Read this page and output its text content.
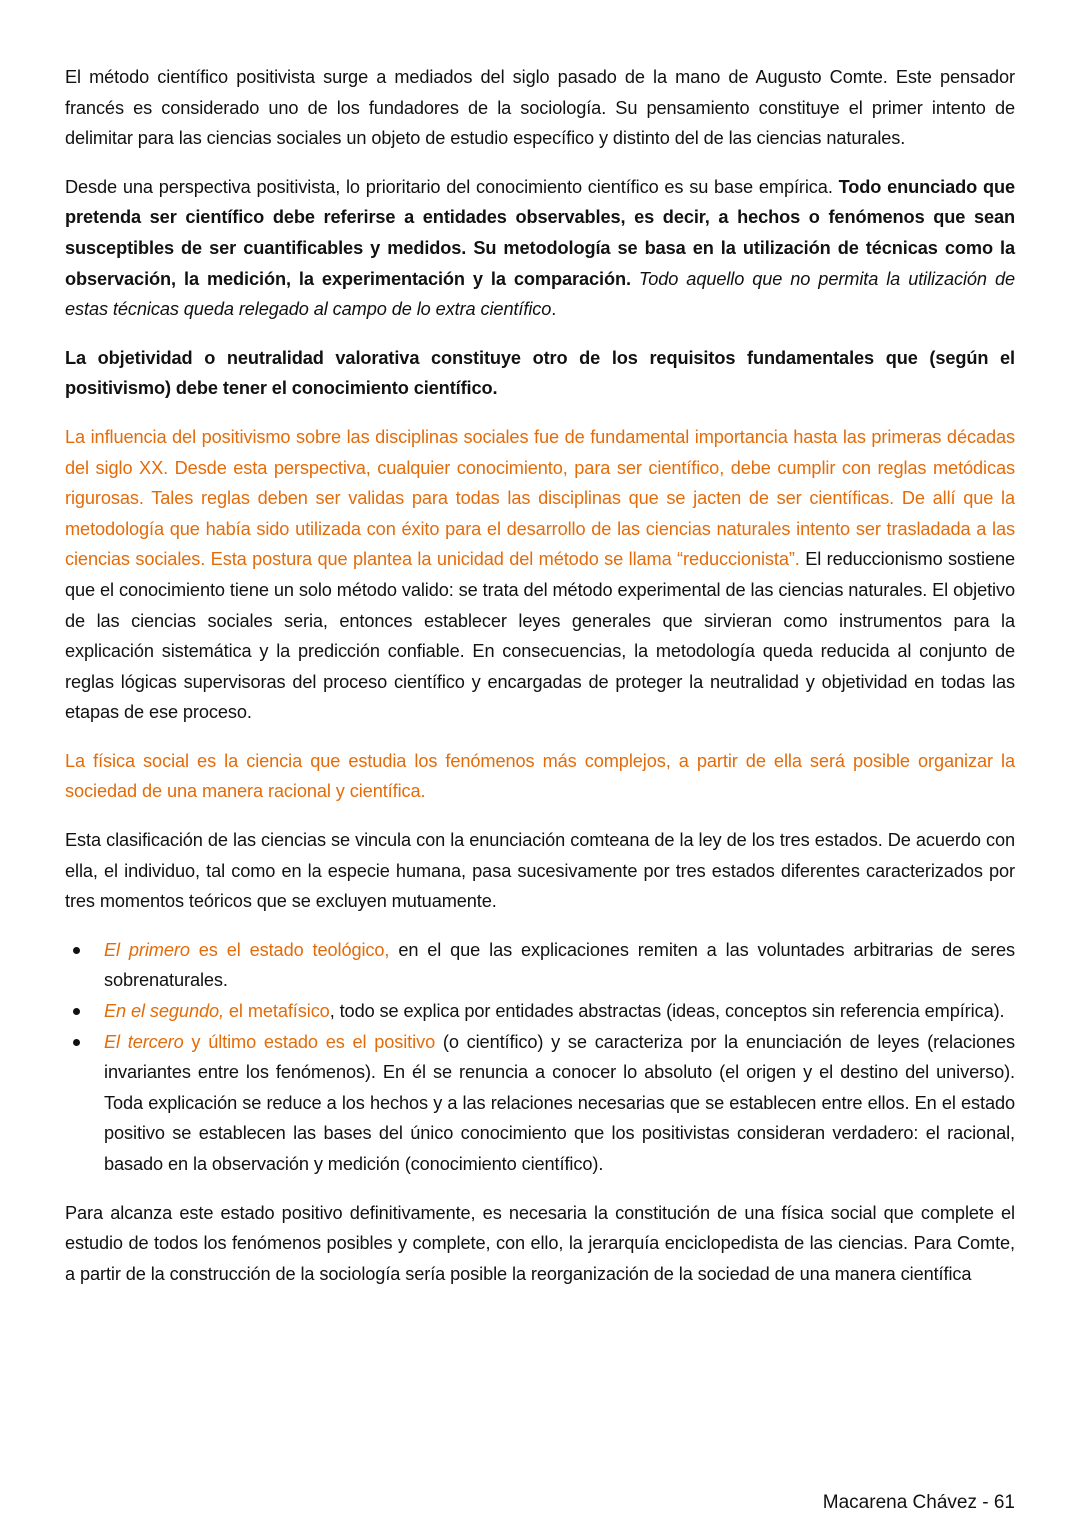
El método científico positivista surge a mediados del siglo pasado de la mano de Augusto Comte. Este pensador francés es considerado uno de los fundadores de la sociología. Su pensamiento constituye el primer intento de delimitar para las ciencias sociales un objeto de estudio específico y distinto del de las ciencias naturales.

Desde una perspectiva positivista, lo prioritario del conocimiento científico es su base empírica. Todo enunciado que pretenda ser científico debe referirse a entidades observables, es decir, a hechos o fenómenos que sean susceptibles de ser cuantificables y medidos. Su metodología se basa en la utilización de técnicas como la observación, la medición, la experimentación y la comparación. Todo aquello que no permita la utilización de estas técnicas queda relegado al campo de lo extra científico.

La objetividad o neutralidad valorativa constituye otro de los requisitos fundamentales que (según el positivismo) debe tener el conocimiento científico.

La influencia del positivismo sobre las disciplinas sociales fue de fundamental importancia hasta las primeras décadas del siglo XX. Desde esta perspectiva, cualquier conocimiento, para ser científico, debe cumplir con reglas metódicas rigurosas. Tales reglas deben ser validas para todas las disciplinas que se jacten de ser científicas. De allí que la metodología que había sido utilizada con éxito para el desarrollo de las ciencias naturales intento ser trasladada a las ciencias sociales. Esta postura que plantea la unicidad del método se llama “reduccionista”. El reduccionismo sostiene que el conocimiento tiene un solo método valido: se trata del método experimental de las ciencias naturales. El objetivo de las ciencias sociales seria, entonces establecer leyes generales que sirvieran como instrumentos para la explicación sistemática y la predicción confiable. En consecuencias, la metodología queda reducida al conjunto de reglas lógicas supervisoras del proceso científico y encargadas de proteger la neutralidad y objetividad en todas las etapas de ese proceso.

La física social es la ciencia que estudia los fenómenos más complejos, a partir de ella será posible organizar la sociedad de una manera racional y científica.

Esta clasificación de las ciencias se vincula con la enunciación comteana de la ley de los tres estados. De acuerdo con ella, el individuo, tal como en la especie humana, pasa sucesivamente por tres estados diferentes caracterizados por tres momentos teóricos que se excluyen mutuamente.

El primero es el estado teológico, en el que las explicaciones remiten a las voluntades arbitrarias de seres sobrenaturales.
En el segundo, el metafísico, todo se explica por entidades abstractas (ideas, conceptos sin referencia empírica).
El tercero y último estado es el positivo (o científico) y se caracteriza por la enunciación de leyes (relaciones invariantes entre los fenómenos). En él se renuncia a conocer lo absoluto (el origen y el destino del universo). Toda explicación se reduce a los hechos y a las relaciones necesarias que se establecen entre ellos. En el estado positivo se establecen las bases del único conocimiento que los positivistas consideran verdadero: el racional, basado en la observación y medición (conocimiento científico).

Para alcanza este estado positivo definitivamente, es necesaria la constitución de una física social que complete el estudio de todos los fenómenos posibles y complete, con ello, la jerarquía enciclopedista de las ciencias. Para Comte, a partir de la construcción de la sociología sería posible la reorganización de la sociedad de una manera científica

Macarena Chávez - 61
